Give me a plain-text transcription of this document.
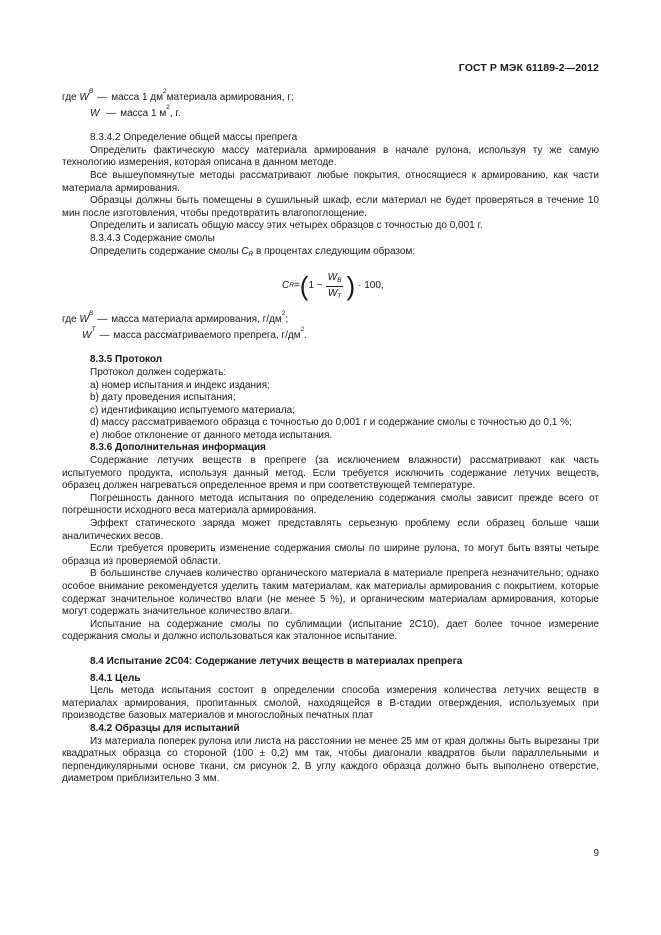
ГОСТ Р МЭК 61189-2—2012
где
W
B
— масса 1 дм
2
материала армирования, г;
W — масса 1 м
2
, г.

8.3.4.2 Определение общей массы препрега

Определить фактическую массу материала армирования в начале рулона, используя ту же самую технологию измерения, которая описана в данном методе.

Все вышеупомянутые методы рассматривают любые покрытия, относящиеся к армированию, как части материала армирования.

Образцы должны быть помещены в сушильный шкаф, если материал не будет проверяться в течение 10 мин после изготовления, чтобы предотвратить влагопоглощение.

Определить и записать общую массу этих четырех образцов с точностью до 0,001 г.

8.3.4.3 Содержание смолы

Определить содержание смолы $C_R$ в процентах следующим образом:

C R = ( $1 - \frac{W_B}{W_T}$ ) · 100,
где
W
B
— масса материала армирования, г/дм
2
;
W
T
— масса рассматриваемого препрега, г/дм
2
.

8.3.5 Протокол

Протокол должен содержать:

a) номер испытания и индекс издания;

b) дату проведения испытания;

c) идентификацию испытуемого материала;

d) массу рассматриваемого образца с точностью до 0,001 г и содержание смолы с точностью до 0,1 %;

e) любое отклонение от данного метода испытания.

8.3.6 Дополнительная информация

Содержание летучих веществ в препреге (за исключением влажности) рассматривают как часть испытуемого продукта, используя данный метод. Если требуется исключить содержание летучих веществ, образец должен нагреваться определенное время и при соответствующей температуре.

Погрешность данного метода испытания по определению содержания смолы зависит прежде всего от погрешности исходного веса материала армирования.

Эффект статического заряда может представлять серьезную проблему если образец больше чаши аналитических весов.

Если требуется проверить изменение содержания смолы по ширине рулона, то могут быть взяты четыре образца из проверяемой области.

В большинстве случаев количество органического материала в материале препрега незначительно; однако особое внимание рекомендуется уделить таким материалам, как материалы армирования с покрытием, которые содержат значительное количество влаги (не менее 5 %), и органическим материалам армирования, которые могут содержать значительное количество влаги.

Испытание на содержание смолы по сублимации (испытание 2C10), дает более точное измерение содержания смолы и должно использоваться как эталонное испытание.

8.4 Испытание 2C04: Содержание летучих веществ в материалах препрега

8.4.1 Цель

Цель метода испытания состоит в определении способа измерения количества летучих веществ в материалах армирования, пропитанных смолой, находящейся в B-стадии отверждения, используемых при производстве базовых материалов и многослойных печатных плат

8.4.2 Образцы для испытаний

Из материала поперек рулона или листа на расстоянии не менее 25 мм от края должны быть вырезаны три квадратных образца со стороной (100 ± 0,2) мм так, чтобы диагонали квадратов были параллельными и перпендикулярными основе ткани, см рисунок 2. В углу каждого образца должно быть выполнено отверстие, диаметром приблизительно 3 мм.

9
